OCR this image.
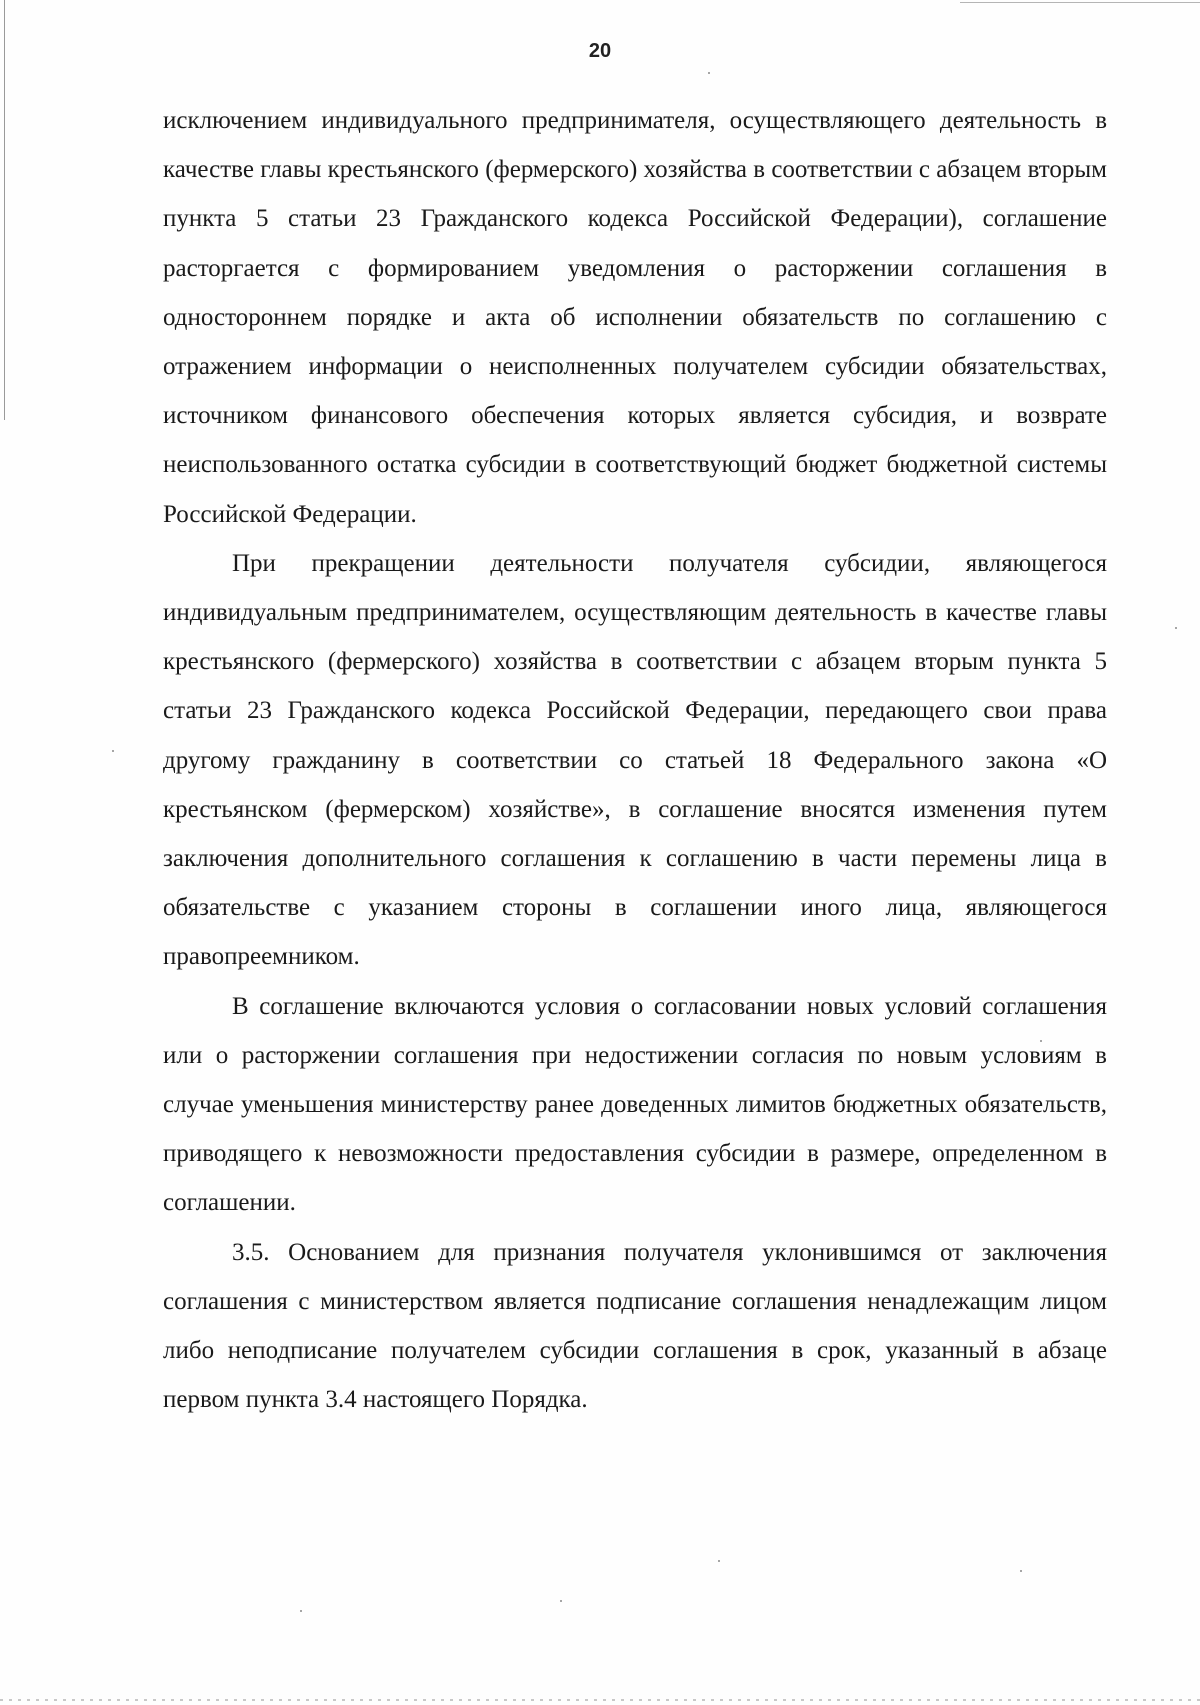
20

исключением индивидуального предпринимателя, осуществляющего деятельность в качестве главы крестьянского (фермерского) хозяйства в соответствии с абзацем вторым пункта 5 статьи 23 Гражданского кодекса Российской Федерации), соглашение расторгается с формированием уведомления о расторжении соглашения в одностороннем порядке и акта об исполнении обязательств по соглашению с отражением информации о неисполненных получателем субсидии обязательствах, источником финансового обеспечения которых является субсидия, и возврате неиспользованного остатка субсидии в соответствующий бюджет бюджетной системы Российской Федерации.

При прекращении деятельности получателя субсидии, являющегося индивидуальным предпринимателем, осуществляющим деятельность в качестве главы крестьянского (фермерского) хозяйства в соответствии с абзацем вторым пункта 5 статьи 23 Гражданского кодекса Российской Федерации, передающего свои права другому гражданину в соответствии со статьей 18 Федерального закона «О крестьянском (фермерском) хозяйстве», в соглашение вносятся изменения путем заключения дополнительного соглашения к соглашению в части перемены лица в обязательстве с указанием стороны в соглашении иного лица, являющегося правопреемником.

В соглашение включаются условия о согласовании новых условий соглашения или о расторжении соглашения при недостижении согласия по новым условиям в случае уменьшения министерству ранее доведенных лимитов бюджетных обязательств, приводящего к невозможности предоставления субсидии в размере, определенном в соглашении.

3.5. Основанием для признания получателя уклонившимся от заключения соглашения с министерством является подписание соглашения ненадлежащим лицом либо неподписание получателем субсидии соглашения в срок, указанный в абзаце первом пункта 3.4 настоящего Порядка.
